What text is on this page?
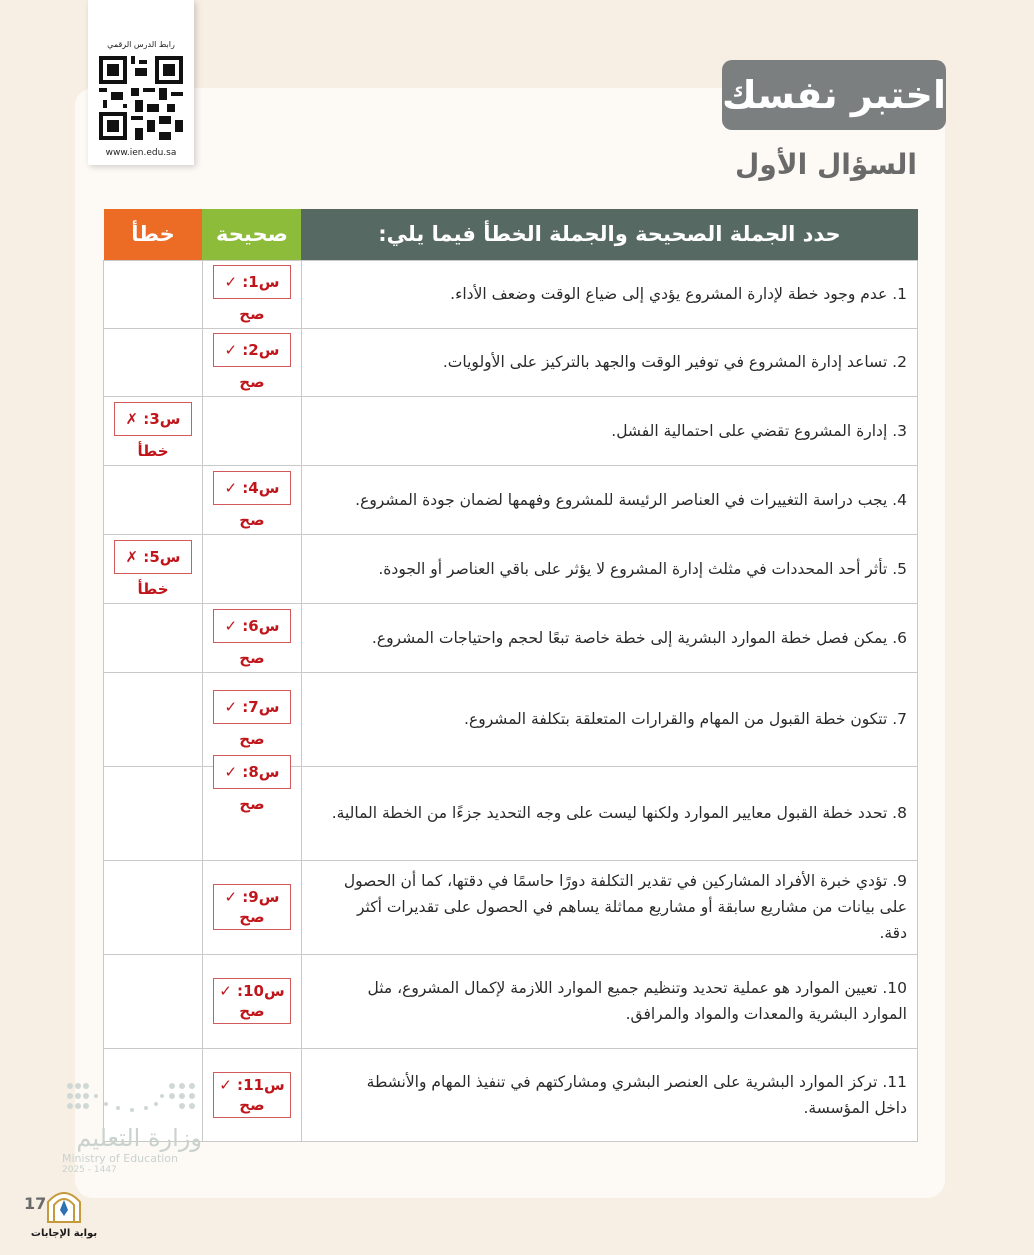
رابط الدرس الرقمي
www.ien.edu.sa
اختبر نفسك
السؤال الأول
حدد الجملة الصحيحة والجملة الخطأ فيما يلي:	صحيحة	خطأ
1. عدم وجود خطة لإدارة المشروع يؤدي إلى ضياع الوقت وضعف الأداء.	س1: ✓ صح	
2. تساعد إدارة المشروع في توفير الوقت والجهد بالتركيز على الأولويات.	س2: ✓ صح	
3. إدارة المشروع تقضي على احتمالية الفشل.		س3: ✗ خطأ
4. يجب دراسة التغييرات في العناصر الرئيسة للمشروع وفهمها لضمان جودة المشروع.	س4: ✓ صح	
5. تأثر أحد المحددات في مثلث إدارة المشروع لا يؤثر على باقي العناصر أو الجودة.		س5: ✗ خطأ
6. يمكن فصل خطة الموارد البشرية إلى خطة خاصة تبعًا لحجم واحتياجات المشروع.	س6: ✓ صح	
7. تتكون خطة القبول من المهام والقرارات المتعلقة بتكلفة المشروع.	س7: ✓ صح	
8. تحدد خطة القبول معايير الموارد ولكنها ليست على وجه التحديد جزءًا من الخطة المالية.	س8: ✓ صح	

9. تؤدي خبرة الأفراد المشاركين في تقدير التكلفة دورًا حاسمًا في دقتها، كما أن الحصول على بيانات من مشاريع سابقة أو مشاريع مماثلة يساهم في الحصول على تقديرات أكثر دقة.	س9: ✓ صح	
10. تعيين الموارد هو عملية تحديد وتنظيم جميع الموارد اللازمة لإكمال المشروع، مثل الموارد البشرية والمعدات والمواد والمرافق.	س10: ✓ صح	
11. تركز الموارد البشرية على العنصر البشري ومشاركتهم في تنفيذ المهام والأنشطة داخل المؤسسة.	س11: ✓ صح	
وزارة التعليم
Ministry of Education
2025 - 1447
17
بوابة الإجابات
